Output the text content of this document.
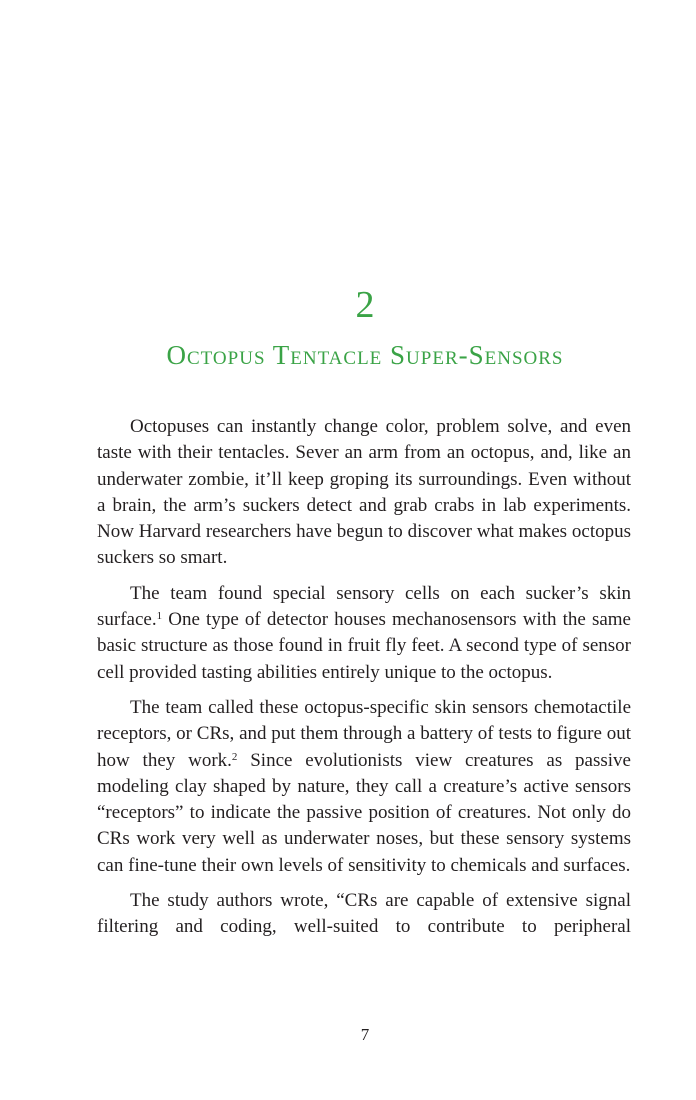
2
Octopus Tentacle Super-Sensors

Octopuses can instantly change color, problem solve, and even taste with their tentacles. Sever an arm from an octopus, and, like an underwater zombie, it’ll keep groping its surroundings. Even without a brain, the arm’s suckers detect and grab crabs in lab experiments. Now Harvard researchers have begun to discover what makes octopus suckers so smart.

The team found special sensory cells on each sucker’s skin surface.$^1$ One type of detector houses mechanosensors with the same basic structure as those found in fruit fly feet. A second type of sensor cell provided tasting abilities entirely unique to the octopus.

The team called these octopus-specific skin sensors chemotactile receptors, or CRs, and put them through a battery of tests to figure out how they work.$^2$ Since evolutionists view creatures as passive modeling clay shaped by nature, they call a creature’s active sensors “receptors” to indicate the passive position of creatures. Not only do CRs work very well as underwater noses, but these sensory systems can fine-tune their own levels of sensitivity to chemicals and surfaces.

The study authors wrote, “CRs are capable of extensive signal filtering and coding, well-suited to contribute to peripheral

7
